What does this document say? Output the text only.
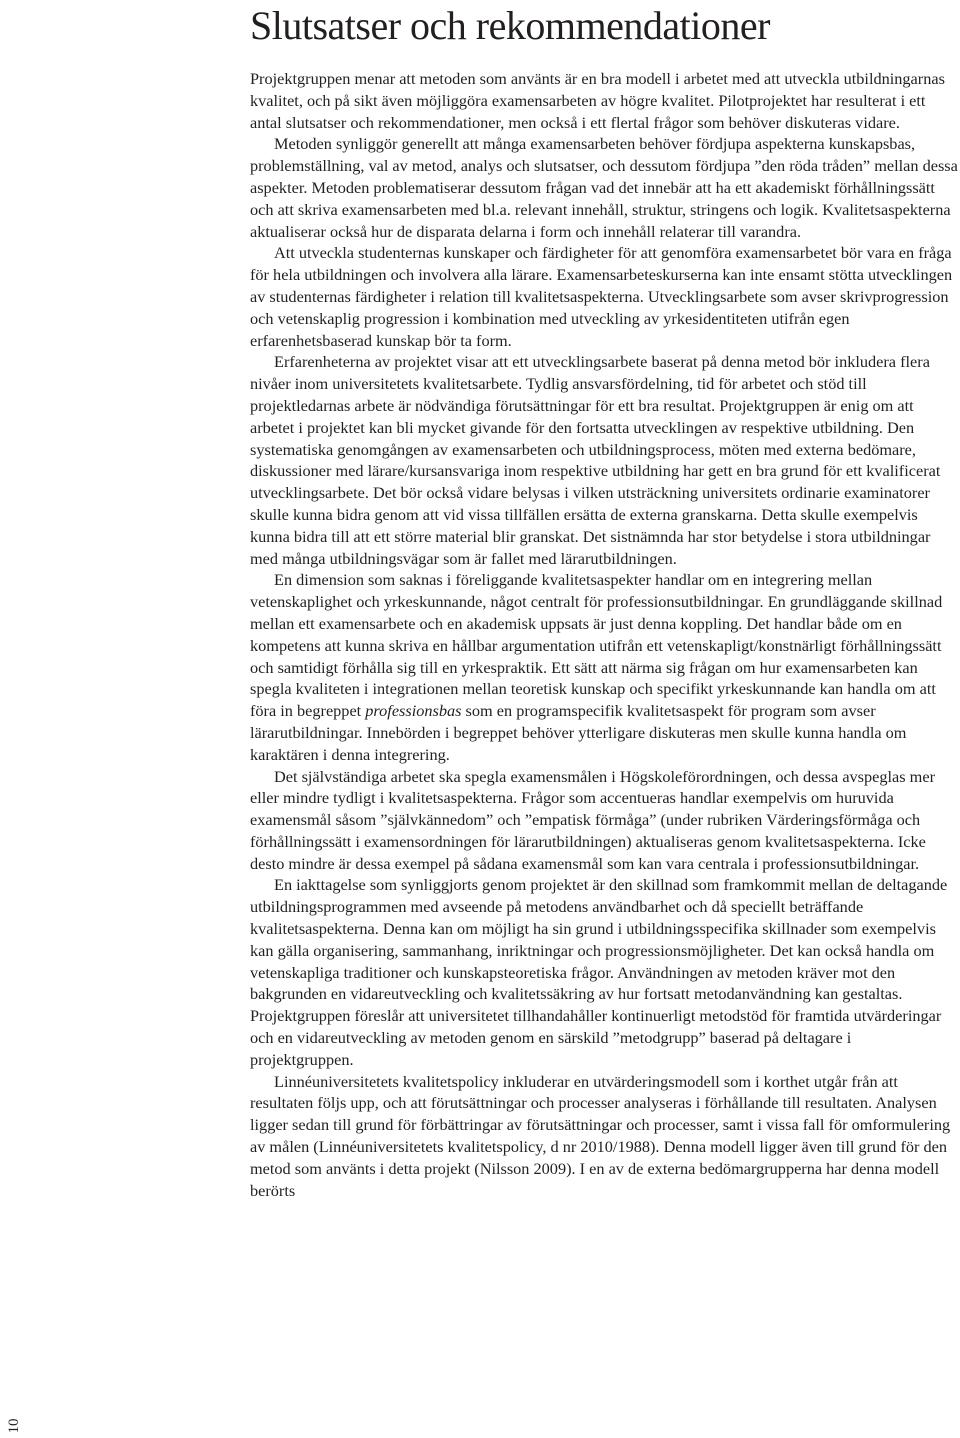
Slutsatser och rekommendationer

Projektgruppen menar att metoden som använts är en bra modell i arbetet med att utveckla utbildningarnas kvalitet, och på sikt även möjliggöra examensarbeten av högre kvalitet. Pilotprojektet har resulterat i ett antal slutsatser och rekommendationer, men också i ett flertal frågor som behöver diskuteras vidare.

Metoden synliggör generellt att många examensarbeten behöver fördjupa aspekterna kunskapsbas, problemställning, val av metod, analys och slutsatser, och dessutom fördjupa ”den röda tråden” mellan dessa aspekter. Metoden problematiserar dessutom frågan vad det innebär att ha ett akademiskt förhållningssätt och att skriva examensarbeten med bl.a. relevant innehåll, struktur, stringens och logik. Kvalitetsaspekterna aktualiserar också hur de disparata delarna i form och innehåll relaterar till varandra.

Att utveckla studenternas kunskaper och färdigheter för att genomföra examensarbetet bör vara en fråga för hela utbildningen och involvera alla lärare. Examensarbeteskurserna kan inte ensamt stötta utvecklingen av studenternas färdigheter i relation till kvalitetsaspekterna. Utvecklingsarbete som avser skrivprogression och vetenskaplig progression i kombination med utveckling av yrkesidentiteten utifrån egen erfarenhetsbaserad kunskap bör ta form.

Erfarenheterna av projektet visar att ett utvecklingsarbete baserat på denna metod bör inkludera flera nivåer inom universitetets kvalitetsarbete. Tydlig ansvarsfördelning, tid för arbetet och stöd till projektledarnas arbete är nödvändiga förutsättningar för ett bra resultat. Projektgruppen är enig om att arbetet i projektet kan bli mycket givande för den fortsatta utvecklingen av respektive utbildning. Den systematiska genomgången av examensarbeten och utbildningsprocess, möten med externa bedömare, diskussioner med lärare/kursansvariga inom respektive utbildning har gett en bra grund för ett kvalificerat utvecklingsarbete. Det bör också vidare belysas i vilken utsträckning universitets ordinarie examinatorer skulle kunna bidra genom att vid vissa tillfällen ersätta de externa granskarna. Detta skulle exempelvis kunna bidra till att ett större material blir granskat. Det sistnämnda har stor betydelse i stora utbildningar med många utbildningsvägar som är fallet med lärarutbildningen.

En dimension som saknas i föreliggande kvalitetsaspekter handlar om en integrering mellan vetenskaplighet och yrkeskunnande, något centralt för professionsutbildningar. En grundläggande skillnad mellan ett examensarbete och en akademisk uppsats är just denna koppling. Det handlar både om en kompetens att kunna skriva en hållbar argumentation utifrån ett vetenskapligt/konstnärligt förhållningssätt och samtidigt förhålla sig till en yrkespraktik. Ett sätt att närma sig frågan om hur examensarbeten kan spegla kvaliteten i integrationen mellan teoretisk kunskap och specifikt yrkeskunnande kan handla om att föra in begreppet professionsbas som en programspecifik kvalitetsaspekt för program som avser lärarutbildningar. Innebörden i begreppet behöver ytterligare diskuteras men skulle kunna handla om karaktären i denna integrering.

Det självständiga arbetet ska spegla examensmålen i Högskoleförordningen, och dessa avspeglas mer eller mindre tydligt i kvalitetsaspekterna. Frågor som accentueras handlar exempelvis om huruvida examensmål såsom ”självkännedom” och ”empatisk förmåga” (under rubriken Värderingsförmåga och förhållningssätt i examensordningen för lärarutbildningen) aktualiseras genom kvalitetsaspekterna. Icke desto mindre är dessa exempel på sådana examensmål som kan vara centrala i professionsutbildningar.

En iakttagelse som synliggjorts genom projektet är den skillnad som framkommit mellan de deltagande utbildningsprogrammen med avseende på metodens användbarhet och då speciellt beträffande kvalitetsaspekterna. Denna kan om möjligt ha sin grund i utbildningsspecifika skillnader som exempelvis kan gälla organisering, sammanhang, inriktningar och progressionsmöjligheter. Det kan också handla om vetenskapliga traditioner och kunskapsteoretiska frågor. Användningen av metoden kräver mot den bakgrunden en vidareutveckling och kvalitetssäkring av hur fortsatt metodanvändning kan gestaltas. Projektgruppen föreslår att universitetet tillhandahåller kontinuerligt metodstöd för framtida utvärderingar och en vidareutveckling av metoden genom en särskild ”metodgrupp” baserad på deltagare i projektgruppen.

Linnéuniversitetets kvalitetspolicy inkluderar en utvärderingsmodell som i korthet utgår från att resultaten följs upp, och att förutsättningar och processer analyseras i förhållande till resultaten. Analysen ligger sedan till grund för förbättringar av förutsättningar och processer, samt i vissa fall för omformulering av målen (Linnéuniversitetets kvalitetspolicy, d nr 2010/1988). Denna modell ligger även till grund för den metod som använts i detta projekt (Nilsson 2009). I en av de externa bedömargrupperna har denna modell berörts

10
